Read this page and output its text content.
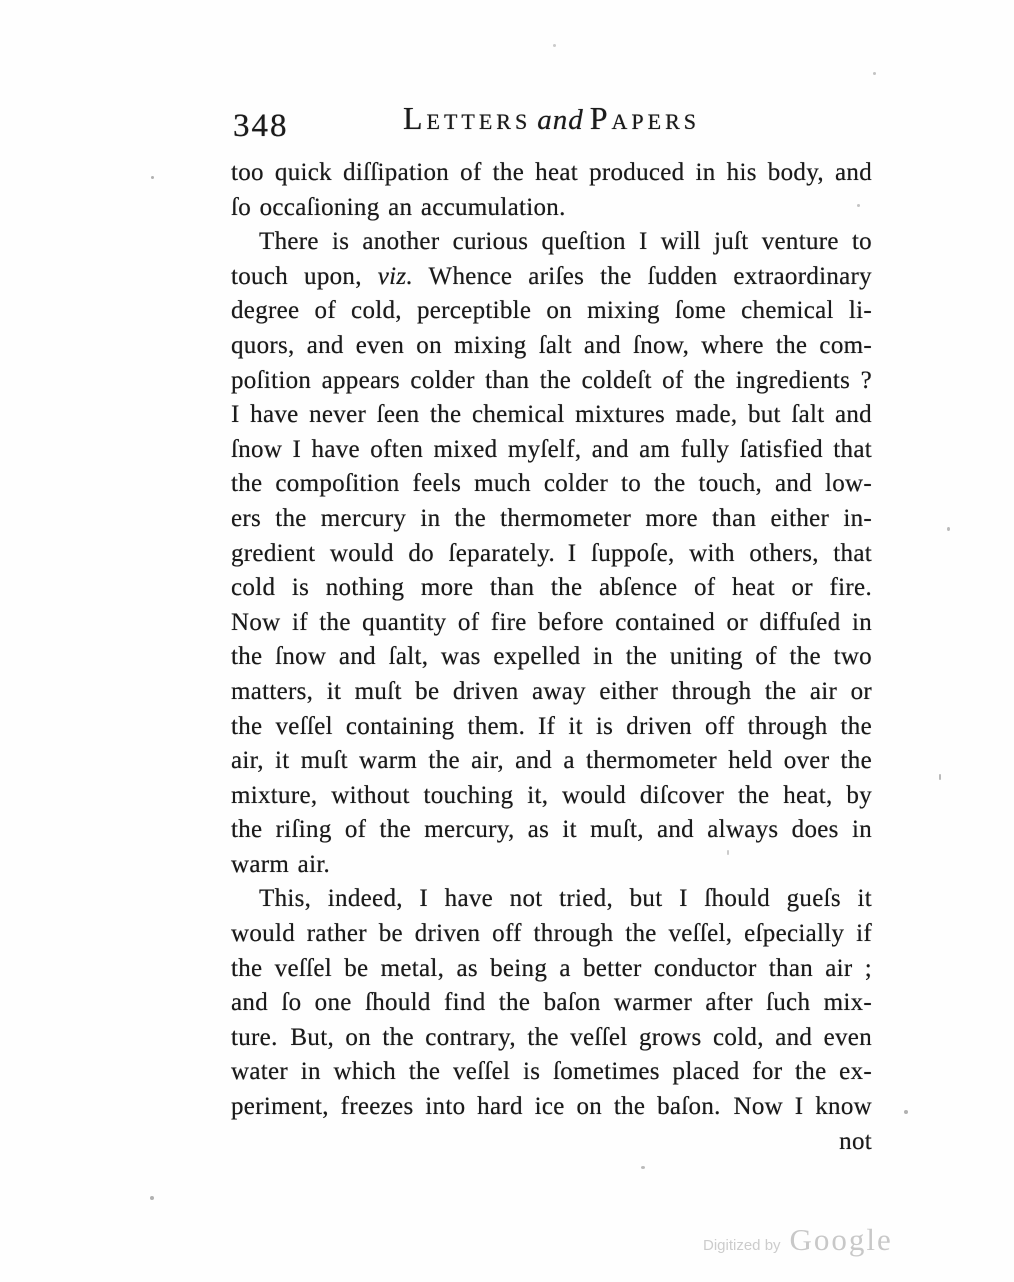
348	Letters and Papers
too quick diſſipation of the heat produced in his body, and
ſo occaſioning an accumulation.
There is another curious queſtion I will juſt venture to
touch upon, viz. Whence ariſes the ſudden extraordinary
degree of cold, perceptible on mixing ſome chemical li-
quors, and even on mixing ſalt and ſnow, where the com-
poſition appears colder than the coldeſt of the ingredients ?
I have never ſeen the chemical mixtures made, but ſalt and
ſnow I have often mixed myſelf, and am fully ſatisfied that
the compoſition feels much colder to the touch, and low-
ers the mercury in the thermometer more than either in-
gredient would do ſeparately. I ſuppoſe, with others, that
cold is nothing more than the abſence of heat or fire.
Now if the quantity of fire before contained or diffuſed in
the ſnow and ſalt, was expelled in the uniting of the two
matters, it muſt be driven away either through the air or
the veſſel containing them. If it is driven off through the
air, it muſt warm the air, and a thermometer held over the
mixture, without touching it, would diſcover the heat, by
the riſing of the mercury, as it muſt, and always does in
warm air.
This, indeed, I have not tried, but I ſhould gueſs it
would rather be driven off through the veſſel, eſpecially if
the veſſel be metal, as being a better conductor than air ;
and ſo one ſhould find the baſon warmer after ſuch mix-
ture. But, on the contrary, the veſſel grows cold, and even
water in which the veſſel is ſometimes placed for the ex-
periment, freezes into hard ice on the baſon. Now I know
not
Digitized by Google
